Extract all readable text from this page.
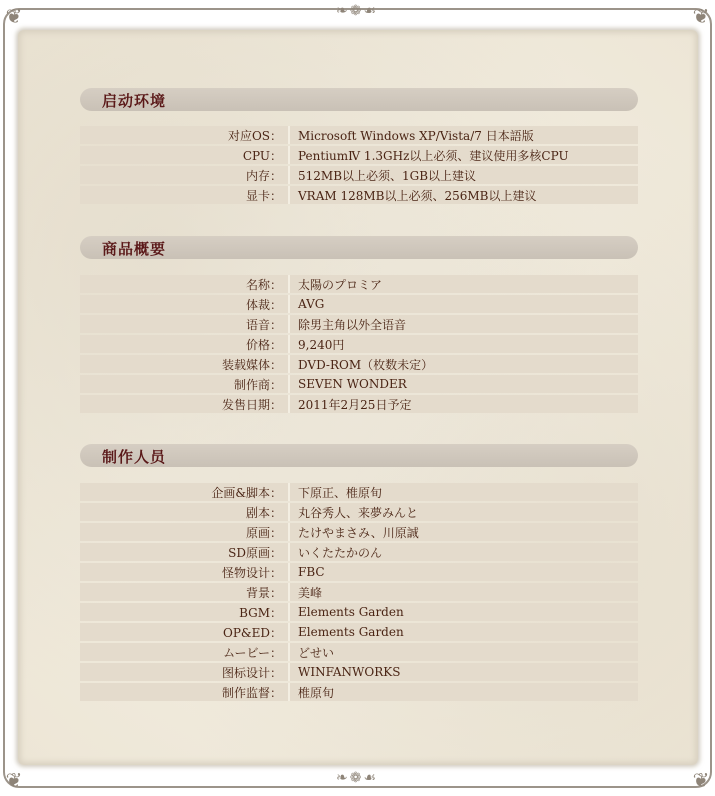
❦	❦
❦	❦
❧❁☙
❧❁☙
启动环境
对应OS：		Microsoft Windows XP/Vista/7 日本語版
CPU：		PentiumⅣ 1.3GHz以上必须、建议使用多核CPU
内存：		512MB以上必须、1GB以上建议
显卡：		VRAM 128MB以上必须、256MB以上建议
商品概要
名称：		太陽のプロミア
体裁：		AVG
语音：		除男主角以外全语音
价格：		9,240円
装载媒体：		DVD-ROM（枚数未定）
制作商：		SEVEN WONDER
发售日期：		2011年2月25日予定
制作人员
企画&脚本：		下原正、椎原旬
剧本：		丸谷秀人、来夢みんと
原画：		たけやまさみ、川原誠
SD原画：		いくたたかのん
怪物设计：		FBC
背景：		美峰
BGM：		Elements Garden
OP&ED：		Elements Garden
ムービー：		どせい
图标设计：		WINFANWORKS
制作监督：		椎原旬
